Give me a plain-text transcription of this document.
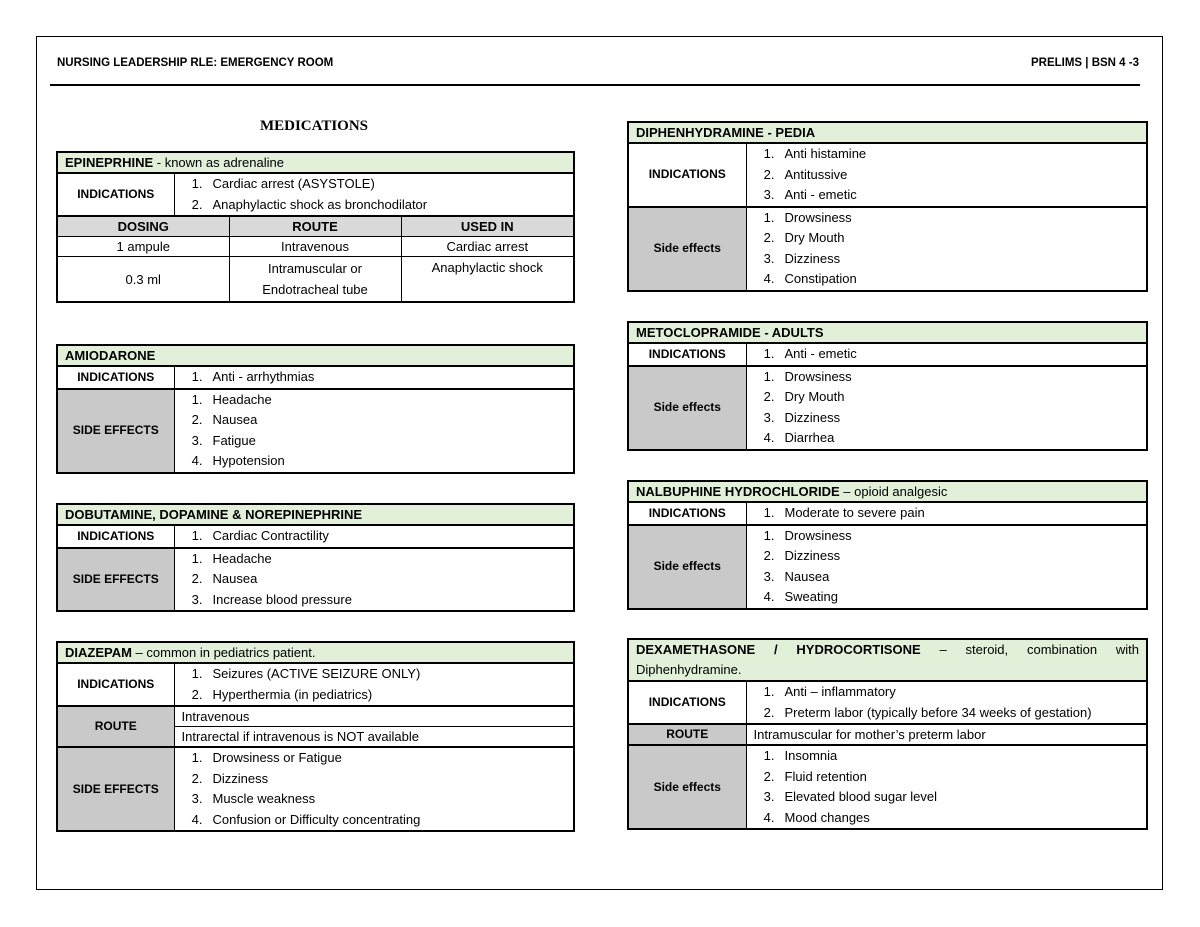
NURSING LEADERSHIP RLE: EMERGENCY ROOM	PRELIMS | BSN 4 -3
MEDICATIONS
EPINEPRHINE - known as adrenaline			
INDICATIONS	1. Cardiac arrest (ASYSTOLE)
2. Anaphylactic shock as bronchodilator		

DOSING		ROUTE	USED IN
1 ampule		Intravenous	Cardiac arrest
0.3 ml		Intramuscular or Endotracheal tube	Anaphylactic shock
AMIODARONE	
INDICATIONS	1. Anti - arrhythmias

SIDE EFFECTS	1. Headache
2. Nausea
3. Fatigue
4. Hypotension
DOBUTAMINE, DOPAMINE & NOREPINEPHRINE	
INDICATIONS	1. Cardiac Contractility

SIDE EFFECTS	1. Headache
2. Nausea
3. Increase blood pressure
DIAZEPAM – common in pediatrics patient.	
INDICATIONS	1. Seizures (ACTIVE SEIZURE ONLY)
2. Hyperthermia (in pediatrics)

ROUTE	Intravenous
	Intrarectal if intravenous is NOT available
SIDE EFFECTS	1. Drowsiness or Fatigue
2. Dizziness
3. Muscle weakness
4. Confusion or Difficulty concentrating
DIPHENHYDRAMINE - PEDIA	
INDICATIONS	1. Anti histamine
2. Antitussive
3. Anti - emetic

Side effects	1. Drowsiness
2. Dry Mouth
3. Dizziness
4. Constipation
METOCLOPRAMIDE - ADULTS	
INDICATIONS	1. Anti - emetic

Side effects	1. Drowsiness
2. Dry Mouth
3. Dizziness
4. Diarrhea
NALBUPHINE HYDROCHLORIDE – opioid analgesic	
INDICATIONS	1. Moderate to severe pain

Side effects	1. Drowsiness
2. Dizziness
3. Nausea
4. Sweating
DEXAMETHASONE / HYDROCORTISONE – steroid, combination with Diphenhydramine.	
INDICATIONS	1. Anti – inflammatory
2. Preterm labor (typically before 34 weeks of gestation)

ROUTE	Intramuscular for mother’s preterm labor
Side effects	1. Insomnia
2. Fluid retention
3. Elevated blood sugar level
4. Mood changes
